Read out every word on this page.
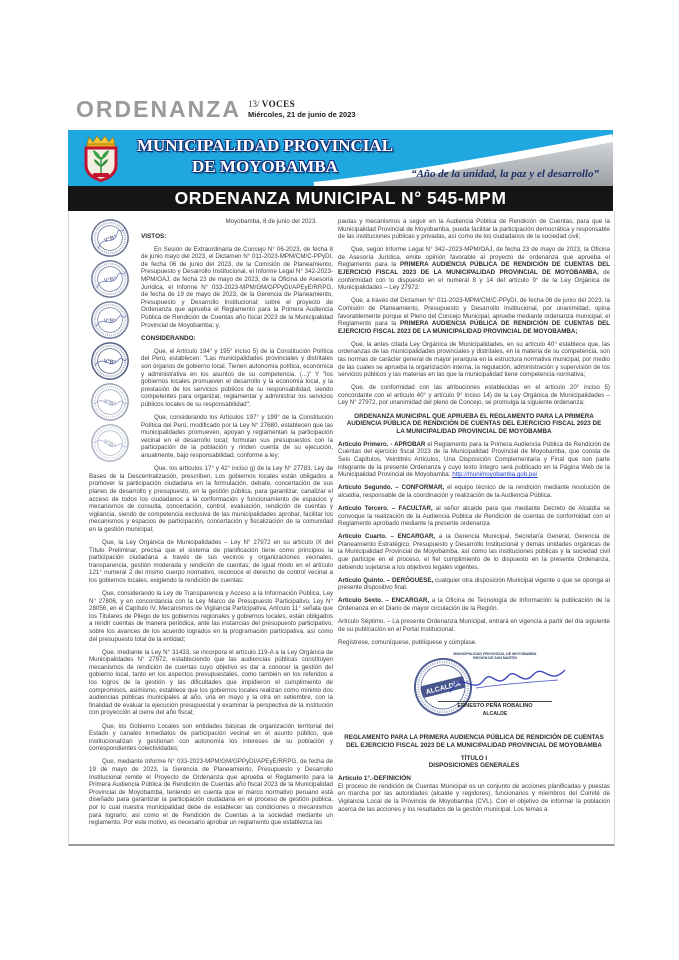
ORDENANZA 13/ VOCES
Miércoles, 21 de junio de 2023
MUNICIPALIDAD PROVINCIAL
DE MOYOBAMBA	“Año de la unidad, la paz y el desarrollo”
ORDENANZA MUNICIPAL N° 545-MPM
V°B°
V°B°
V°B°
V°B°
V°B°
V°B°
Moyobamba, 8 de junio del 2023.
VISTOS:
En Sesión de Extraordinaria de Concejo N° 06-2023, de fecha 8 de junio mayo del 2023, el Dictamen N° 011-2023-MPM/CM/C-PPyDI, de fecha 06 de junio del 2023, de la Comisión de Planeamiento, Presupuesto y Desarrollo Institucional, el Informe Legal N° 342-2023-MPM/OAJ, de fecha 23 de mayo de 2023, de la Oficina de Asesoría Jurídica, el Informe N° 033-2023-MPM/GM/GPPyDI/APEyE/RRPG, de fecha de 19 de mayo de 2023, de la Gerencia de Planeamiento, Presupuesto y Desarrollo Institucional; sobre el proyecto de Ordenanza que aprueba el Reglamento para la Primera Audiencia Pública de Rendición de Cuentas año fiscal 2023 de la Municipalidad Provincial de Moyobamba; y,
CONSIDERANDO:
Que, el Artículo 194° y 195° inciso 5) de la Constitución Política del Perú, establecen: "Las municipalidades provinciales y distritales son órganos de gobierno local. Tienen autonomía política, económica y administrativa en los asuntos de su competencia. (...)" Y "los gobiernos locales promueven el desarrollo y la economía local, y la prestación de los servicios públicos de su responsabilidad, siendo competentes para organizar, reglamentar y administrar los servicios públicos locales de su responsabilidad";
Que, considerando los Artículos 197° y 199° de la Constitución Política del Perú, modificado por la Ley N° 27680, establecen que las municipalidades promueven, apoyan y reglamentan la participación vecinal en el desarrollo local; formulan sus presupuestos con la participación de la población y rinden cuenta de su ejecución, anualmente, bajo responsabilidad, conforme a ley;
Que, los artículos 17° y 42° inciso g) de la Ley N° 27783, Ley de Bases de la Descentralización, prescriben, Los gobiernos locales están obligados a promover la participación ciudadana en la formulación, debate, concertación de sus planes de desarrollo y presupuesto, en la gestión pública, para garantizar, canalizar el acceso de todos los ciudadanos a la conformación y funcionamiento de espacios y mecanismos de consulta, concertación, control, evaluación, rendición de cuentas y vigilancia, siendo de competencia exclusiva de las municipalidades aprobar, facilitar los mecanismos y espacios de participación, concertación y fiscalización de la comunidad en la gestión municipal;
Que, la Ley Orgánica de Municipalidades – Ley N° 27972 en su artículo IX del Título Preliminar, precisa que el sistema de planificación tiene como principios la participación ciudadana a través de sus vecinos y organizaciones vecinales, transparencia, gestión moderada y rendición de cuentas; de igual modo en el artículo 121° numeral 2 del mismo cuerpo normativo, reconoce el derecho de control vecinal a los gobiernos locales, exigiendo la rendición de cuentas;
Que, considerando la Ley de Transparencia y Acceso a la Información Pública, Ley N° 27806, y en concordancia con la Ley Marco de Presupuesto Participativo, Ley N° 28056, en el Capítulo IV, Mecanismos de Vigilancia Participativa, Artículo 11° señala que los Titulares de Pliego de los gobiernos regionales y gobiernos locales, están obligados a rendir cuentas de manera periódica, ante las instancias del presupuesto participativo, sobre los avances de los acuerdo logrados en la programación participativa, así como del presupuesto total de la entidad;
Que, mediante la Ley N° 31433, se incorpora el artículo 119-A a la Ley Orgánica de Municipalidades N° 27972, estableciendo que las audiencias públicas constituyen mecanismos de rendición de cuentas cuyo objetivo es dar a conocer la gestión del gobierno local, tanto en los aspectos presupuestales, como también en los referidos a los logros de la gestión y las dificultades que impidieron el cumplimiento de compromisos, asimismo, establece que los gobiernos locales realizan como mínimo dos audiencias públicas municipales al año, una en mayo y la otra en setiembre, con la finalidad de evaluar la ejecución presupuestal y examinar la perspectiva de la institución con proyección al cierre del año fiscal;
Que, los Gobierno Locales son entidades básicas de organización territorial del Estado y canales inmediatos de participación vecinal en el asunto público, que institucionalizan y gestionan con autonomía los intereses de su población y correspondientes colectividades;
Que, mediante Informe N° 033-2023-MPM/GM/GPPyDI/APEyE/RRPG, de fecha de 19 de mayo de 2023, la Gerencia de Planeamiento, Presupuesto y Desarrollo Institucional remite el Proyecto de Ordenanza que aprueba el Reglamento para la Primera Audiencia Pública de Rendición de Cuentas año fiscal 2023 de la Municipalidad Provincial de Moyobamba, teniendo en cuenta que el marco normativo peruano está diseñado para garantizar la participación ciudadana en el proceso de gestión pública, por lo cual nuestra municipalidad debe de establecer las condiciones o mecanismos para lograrlo; así como el de Rendición de Cuentas a la sociedad mediante un reglamento. Por este motivo, es necesario aprobar un reglamento que establezca las
pautas y mecanismos a seguir en la Audiencia Pública de Rendición de Cuentas, para que la Municipalidad Provincial de Moyobamba, pueda facilitar la participación democrática y responsable de las instituciones públicas y privadas, así como de los ciudadanos de la sociedad civil;
Que, según Informe Legal N° 342–2023-MPM/OAJ, de fecha 23 de mayo de 2023, la Oficina de Asesoría Jurídica, emite opinión favorable al proyecto de ordenanza que aprueba el Reglamento para la PRIMERA AUDIENCIA PÚBLICA DE RENDICIÓN DE CUENTAS DEL EJERCICIO FISCAL 2023 DE LA MUNICIPALIDAD PROVINCIAL DE MOYOBAMBA, de conformidad con lo dispuesto en el numeral 8 y 14 del artículo 9° de la Ley Orgánica de Municipalidades – Ley 27972;
Que, a través del Dictamen N° 011-2023-MPM/CM/C-PPyDI, de fecha 06 de junio del 2023, la Comisión de Planeamiento, Presupuesto y Desarrollo Institucional, por unanimidad, opina favorablemente porque el Pleno del Concejo Municipal, apruebe mediante ordenanza municipal, el Reglamento para la PRIMERA AUDIENCIA PÚBLICA DE RENDICIÓN DE CUENTAS DEL EJERCICIO FISCAL 2023 DE LA MUNICIPALIDAD PROVINCIAL DE MOYOBAMBA;
Que, la antes citada Ley Orgánica de Municipalidades, en su artículo 40° establece que, las ordenanzas de las municipalidades provinciales y distritales, en la materia de su competencia, son las normas de carácter general de mayor jerarquía en la estructura normativa municipal, por medio de las cuales se aprueba la organización interna, la regulación, administración y supervisión de los servicios públicos y las materias en las que la municipalidad tiene competencia normativa;
Que, de conformidad con las atribuciones establecidas en el artículo 20° inciso 5) concordante con el artículo 40° y artículo 9° inciso 14) de la Ley Orgánica de Municipalidades – Ley N° 27972, por unanimidad del pleno de Concejo, se promulga la siguiente ordenanza:
ORDENANZA MUNICIPAL QUE APRUEBA EL REGLAMENTO PARA LA PRIMERA AUDIENCIA PÚBLICA DE RENDICIÓN DE CUENTAS DEL EJERCICIO FISCAL 2023 DE LA MUNICIPALIDAD PROVINCIAL DE MOYOBAMBA
Artículo Primero. - APROBAR el Reglamento para la Primera Audiencia Pública de Rendición de Cuentas del ejercicio fiscal 2023 de la Municipalidad Provincial de Moyobamba, que consta de Seis Capítulos, Veintitrés Artículos, Una Disposición Complementaria y Final que son parte integrante de la presente Ordenanza y cuyo texto íntegro será publicado en la Página Web de la Municipalidad Provincial de Moyobamba: http://munimoyobamba.gob.pe/
Artículo Segundo. – CONFORMAR, el equipo técnico de la rendición mediante resolución de alcaldía, responsable de la coordinación y realización de la Audiencia Pública.
Artículo Tercero. – FACULTAR, al señor alcalde para que mediante Decreto de Alcaldía se convoque la realización de la Audiencia Pública de Rendición de cuentas de conformidad con el Reglamento aprobado mediante la presente ordenanza
Artículo Cuarto. – ENCARGAR, a la Gerencia Municipal, Secretaría General, Gerencia de Planeamiento Estratégico, Presupuesto y Desarrollo Institucional y demás unidades orgánicas de la Municipalidad Provincial de Moyobamba, así como las instituciones públicas y la sociedad civil que participe en el proceso, el fiel cumplimiento de lo dispuesto en la presente Ordenanza, debiendo sujetarse a los objetivos legales vigentes.
Artículo Quinto. – DERÓGUESE, cualquier otra disposición Municipal vigente o que se oponga al presente dispositivo final.
Artículo Sexto. – ENCARGAR, a la Oficina de Tecnología de Información la publicación de la Ordenanza en el Diario de mayor circulación de la Región.
Artículo Séptimo. – La presente Ordenanza Municipal, entrará en vigencia a partir del día siguiente de su publicación en el Portal Institucional.
Regístrese, comuníquese, publíquese y cúmplase.
ALCALDÍA
MUNICIPALIDAD PROVINCIAL DE MOYOBAMBA
REGIÓN DE SAN MARTÍN
ERNESTO PEÑA ROBALINO
ALCALDE
REGLAMENTO PARA LA PRIMERA AUDIENCIA PÚBLICA DE RENDICIÓN DE CUENTAS DEL EJERCICIO FISCAL 2023 DE LA MUNICIPALIDAD PROVINCIAL DE MOYOBAMBA
TÍTULO I
DISPOSICIONES GENERALES
Artículo 1°.-DEFINICIÓN
El proceso de rendición de Cuentas Municipal es un conjunto de acciones planificadas y puestas en marcha por las autoridades (alcalde y regidores), funcionarios y miembros del Comité de Vigilancia Local de la Provincia de Moyobamba (CVL). Con el objetivo de informar la población acerca de las acciones y los resultados de la gestión municipal. Los temas a
